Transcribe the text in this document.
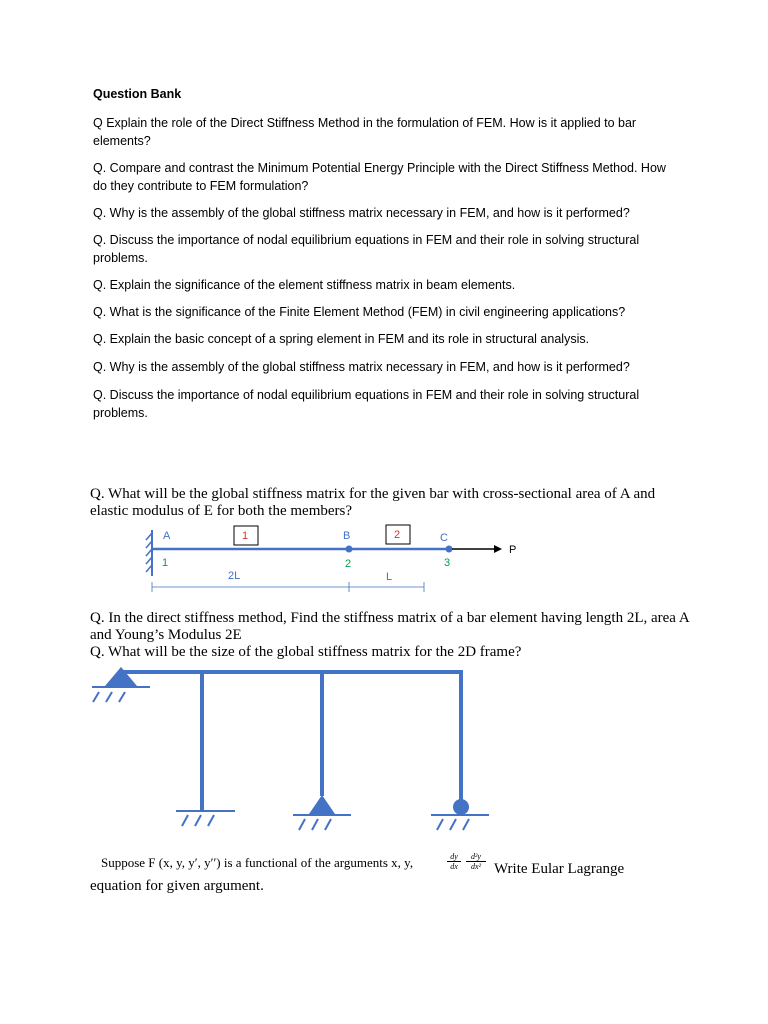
Question Bank

Q Explain the role of the Direct Stiffness Method in the formulation of FEM. How is it applied to bar elements?

Q. Compare and contrast the Minimum Potential Energy Principle with the Direct Stiffness Method. How do they contribute to FEM formulation?

Q. Why is the assembly of the global stiffness matrix necessary in FEM, and how is it performed?

Q. Discuss the importance of nodal equilibrium equations in FEM and their role in solving structural problems.

Q. Explain the significance of the element stiffness matrix in beam elements.

Q. What is the significance of the Finite Element Method (FEM) in civil engineering applications?

Q. Explain the basic concept of a spring element in FEM and its role in structural analysis.

Q. Why is the assembly of the global stiffness matrix necessary in FEM, and how is it performed?

Q. Discuss the importance of nodal equilibrium equations in FEM and their role in solving structural problems.

Q. What will be the global stiffness matrix for the given bar with cross-sectional area of A and elastic modulus of E for both the members?

P
A	B	C
1	2	3
1	2
2L	L

Q. In the direct stiffness method, Find the stiffness matrix of a bar element having length 2L, area A and Young’s Modulus 2E

Q. What will be the size of the global stiffness matrix for the 2D frame?

Suppose F (x, y, y′, y′′) is a functional of the arguments x, y,	$\frac{dy}{dx} \frac{\text{d²y}}{\text{dx²}}$ Write Eular Lagrange
equation for given argument.
